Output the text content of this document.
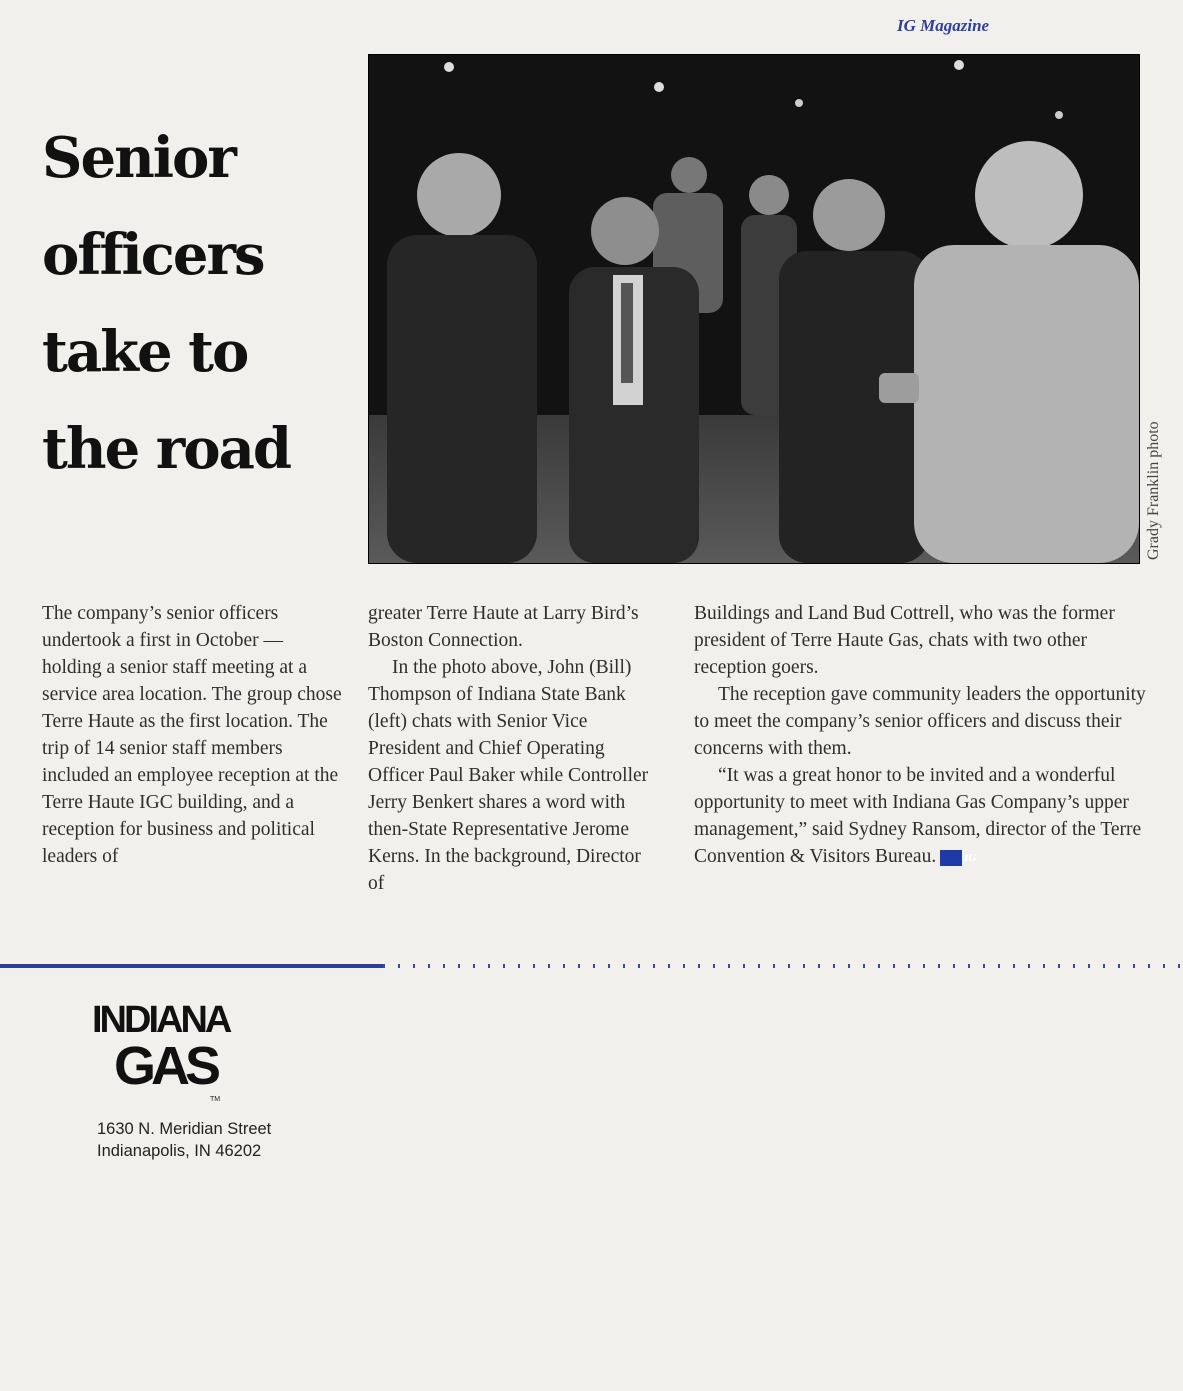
IG Magazine
Senior
officers
take to
the road	Grady Franklin photo

The company’s senior officers undertook a first in October — holding a senior staff meeting at a service area location. The group chose Terre Haute as the first location. The trip of 14 senior staff members included an employee reception at the Terre Haute IGC building, and a reception for business and political leaders of

greater Terre Haute at Larry Bird’s Boston Connection.

In the photo above, John (Bill) Thompson of Indiana State Bank (left) chats with Senior Vice President and Chief Operating Officer Paul Baker while Controller Jerry Benkert shares a word with then-State Representative Jerome Kerns. In the background, Director of

Buildings and Land Bud Cottrell, who was the former president of Terre Haute Gas, chats with two other reception goers.

The reception gave community leaders the opportunity to meet the company’s senior officers and discuss their concerns with them.

“It was a great honor to be invited and a wonderful opportunity to meet with Indiana Gas Company’s upper management,” said Sydney Ransom, director of the Terre Convention & Visitors Bureau.	IG

INDIANA
GAS
TM
1630 N. Meridian Street
Indianapolis, IN 46202
